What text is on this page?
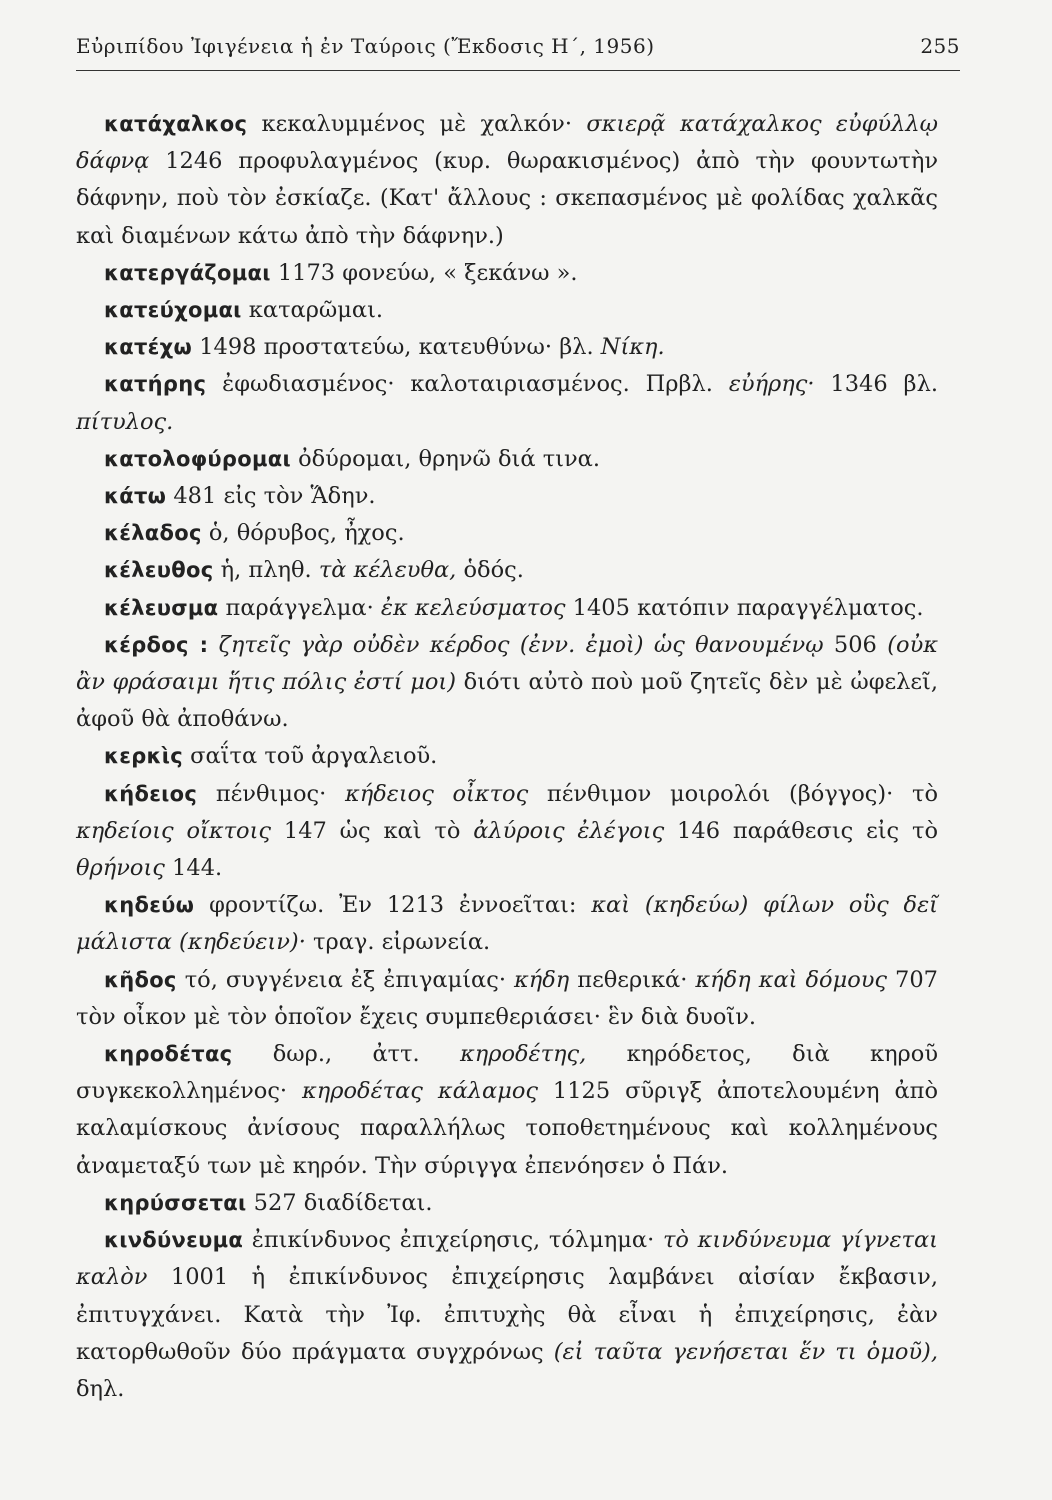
Εὐριπίδου Ἰφιγένεια ἡ ἐν Ταύροις (Ἔκδοσις Η΄, 1956)	255

κατάχαλκος κεκαλυμμένος μὲ χαλκόν· σκιερᾷ κατάχαλκος εὐφύλλῳ δάφνᾳ 1246 προφυλαγμένος (κυρ. θωρακισμένος) ἀπὸ τὴν φουντωτὴν δάφνην, ποὺ τὸν ἐσκίαζε. (Κατ' ἄλλους : σκεπασμένος μὲ φολίδας χαλκᾶς καὶ διαμένων κάτω ἀπὸ τὴν δάφνην.)

κατεργάζομαι 1173 φονεύω, « ξεκάνω ».

κατεύχομαι καταρῶμαι.

κατέχω 1498 προστατεύω, κατευθύνω· βλ. Νίκη.

κατήρης ἐφωδιασμένος· καλοταιριασμένος. Πρβλ. εὐήρης· 1346 βλ. πίτυλος.

κατολοφύρομαι ὀδύρομαι, θρηνῶ διά τινα.

κάτω 481 εἰς τὸν Ἅδην.

κέλαδος ὁ, θόρυβος, ἦχος.

κέλευθος ἡ, πληθ. τὰ κέλευθα, ὁδός.

κέλευσμα παράγγελμα· ἐκ κελεύσματος 1405 κατόπιν παραγγέλματος.

κέρδος : ζητεῖς γὰρ οὐδὲν κέρδος (ἐνν. ἐμοὶ) ὡς θανουμένῳ 506 (οὐκ ἂν φράσαιμι ἥτις πόλις ἐστί μοι) διότι αὐτὸ ποὺ μοῦ ζητεῖς δὲν μὲ ὠφελεῖ, ἀφοῦ θὰ ἀποθάνω.

κερκὶς σαΐτα τοῦ ἀργαλειοῦ.

κήδειος πένθιμος· κήδειος οἶκτος πένθιμον μοιρολόι (βόγγος)· τὸ κηδείοις οἴκτοις 147 ὡς καὶ τὸ ἀλύροις ἐλέγοις 146 παράθεσις εἰς τὸ θρήνοις 144.

κηδεύω φροντίζω. Ἐν 1213 ἐννοεῖται: καὶ (κηδεύω) φίλων οὓς δεῖ μάλιστα (κηδεύειν)· τραγ. εἰρωνεία.

κῆδος τό, συγγένεια ἐξ ἐπιγαμίας· κήδη πεθερικά· κήδη καὶ δόμους 707 τὸν οἶκον μὲ τὸν ὁποῖον ἔχεις συμπεθεριάσει· ἓν διὰ δυοῖν.

κηροδέτας δωρ., ἀττ. κηροδέτης, κηρόδετος, διὰ κηροῦ συγκεκολλημένος· κηροδέτας κάλαμος 1125 σῦριγξ ἀποτελουμένη ἀπὸ καλαμίσκους ἀνίσους παραλλήλως τοποθετημένους καὶ κολλημένους ἀναμεταξύ των μὲ κηρόν. Τὴν σύριγγα ἐπενόησεν ὁ Πάν.

κηρύσσεται 527 διαδίδεται.

κινδύνευμα ἐπικίνδυνος ἐπιχείρησις, τόλμημα· τὸ κινδύνευμα γίγνεται καλὸν 1001 ἡ ἐπικίνδυνος ἐπιχείρησις λαμβάνει αἰσίαν ἔκβασιν, ἐπιτυγχάνει. Κατὰ τὴν Ἰφ. ἐπιτυχὴς θὰ εἶναι ἡ ἐπιχείρησις, ἐὰν κατορθωθοῦν δύο πράγματα συγχρόνως (εἰ ταῦτα γενήσεται ἕν τι ὁμοῦ), δηλ.
